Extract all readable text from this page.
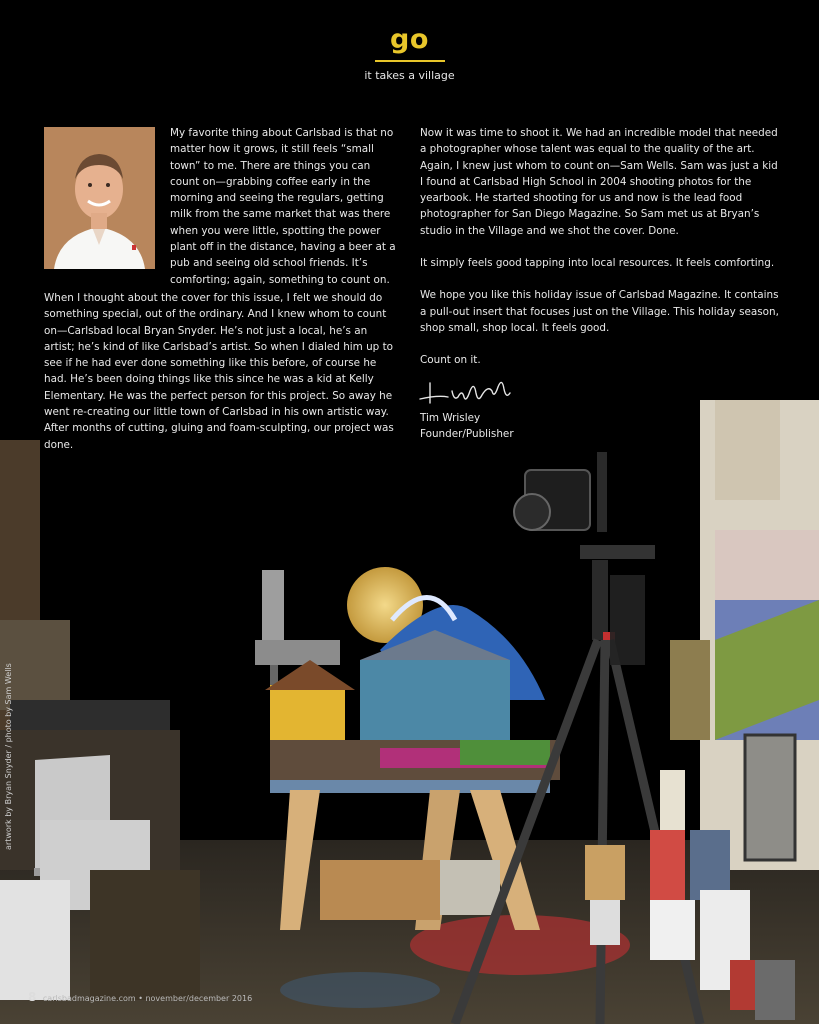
go
it takes a village

My favorite thing about Carlsbad is that no matter how it grows, it still feels “small town” to me. There are things you can count on—grabbing coffee early in the morning and seeing the regulars, getting milk from the same market that was there when you were little, spotting the power plant off in the distance, having a beer at a pub and seeing old school friends. It’s comforting; again, something to count on.

When I thought about the cover for this issue, I felt we should do something special, out of the ordinary. And I knew whom to count on—Carlsbad local Bryan Snyder. He’s not just a local, he’s an artist; he’s kind of like Carlsbad’s artist. So when I dialed him up to see if he had ever done something like this before, of course he had. He’s been doing things like this since he was a kid at Kelly Elementary. He was the perfect person for this project. So away he went re-creating our little town of Carlsbad in his own artistic way. After months of cutting, gluing and foam-sculpting, our project was done.

Now it was time to shoot it. We had an incredible model that needed a photographer whose talent was equal to the quality of the art. Again, I knew just whom to count on—Sam Wells. Sam was just a kid I found at Carlsbad High School in 2004 shooting photos for the yearbook. He started shooting for us and now is the lead food photographer for San Diego Magazine. So Sam met us at Bryan’s studio in the Village and we shot the cover. Done.

It simply feels good tapping into local resources. It feels comforting.

We hope you like this holiday issue of Carlsbad Magazine. It contains a pull-out insert that focuses just on the Village. This holiday season, shop small, shop local. It feels good.

Count on it.

Tim Wrisley
Founder/Publisher
artwork by Bryan Snyder / photo by Sam Wells
8 carlsbadmagazine.com • november/december 2016
